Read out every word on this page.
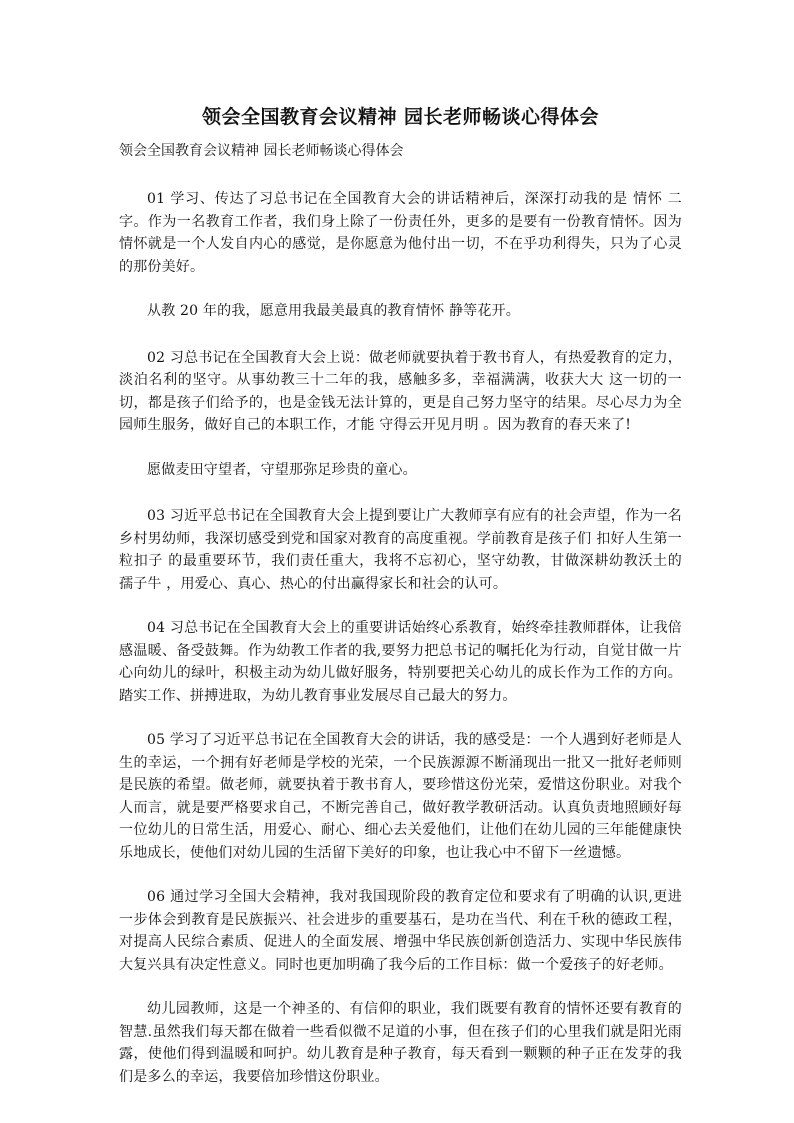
领会全国教育会议精神 园长老师畅谈心得体会
领会全国教育会议精神 园长老师畅谈心得体会

01 学习、传达了习总书记在全国教育大会的讲话精神后，深深打动我的是 情怀 二字。作为一名教育工作者，我们身上除了一份责任外，更多的是要有一份教育情怀。因为情怀就是一个人发自内心的感觉，是你愿意为他付出一切，不在乎功利得失，只为了心灵的那份美好。

从教 20 年的我，愿意用我最美最真的教育情怀 静等花开。

02 习总书记在全国教育大会上说：做老师就要执着于教书育人，有热爱教育的定力，淡泊名利的坚守。从事幼教三十二年的我，感触多多，幸福满满，收获大大 这一切的一切，都是孩子们给予的，也是金钱无法计算的，更是自己努力坚守的结果。尽心尽力为全园师生服务，做好自己的本职工作，才能 守得云开见月明 。因为教育的春天来了!

愿做麦田守望者，守望那弥足珍贵的童心。

03 习近平总书记在全国教育大会上提到要让广大教师享有应有的社会声望，作为一名乡村男幼师，我深切感受到党和国家对教育的高度重视。学前教育是孩子们 扣好人生第一粒扣子 的最重要环节，我们责任重大，我将不忘初心，坚守幼教，甘做深耕幼教沃土的 孺子牛 ，用爱心、真心、热心的付出赢得家长和社会的认可。

04 习总书记在全国教育大会上的重要讲话始终心系教育，始终牵挂教师群体，让我倍感温暖、备受鼓舞。作为幼教工作者的我,要努力把总书记的嘱托化为行动，自觉甘做一片心向幼儿的绿叶，积极主动为幼儿做好服务，特别要把关心幼儿的成长作为工作的方向。踏实工作、拼搏进取，为幼儿教育事业发展尽自己最大的努力。

05 学习了习近平总书记在全国教育大会的讲话，我的感受是：一个人遇到好老师是人生的幸运，一个拥有好老师是学校的光荣，一个民族源源不断涌现出一批又一批好老师则是民族的希望。做老师，就要执着于教书育人，要珍惜这份光荣，爱惜这份职业。对我个人而言，就是要严格要求自己，不断完善自己，做好教学教研活动。认真负责地照顾好每一位幼儿的日常生活，用爱心、耐心、细心去关爱他们，让他们在幼儿园的三年能健康快乐地成长，使他们对幼儿园的生活留下美好的印象，也让我心中不留下一丝遗憾。

06 通过学习全国大会精神，我对我国现阶段的教育定位和要求有了明确的认识,更进一步体会到教育是民族振兴、社会进步的重要基石，是功在当代、利在千秋的德政工程，对提高人民综合素质、促进人的全面发展、增强中华民族创新创造活力、实现中华民族伟大复兴具有决定性意义。同时也更加明确了我今后的工作目标：做一个爱孩子的好老师。

幼儿园教师，这是一个神圣的、有信仰的职业，我们既要有教育的情怀还要有教育的智慧.虽然我们每天都在做着一些看似微不足道的小事，但在孩子们的心里我们就是阳光雨露，使他们得到温暖和呵护。幼儿教育是种子教育，每天看到一颗颗的种子正在发芽的我们是多么的幸运，我要倍加珍惜这份职业。
